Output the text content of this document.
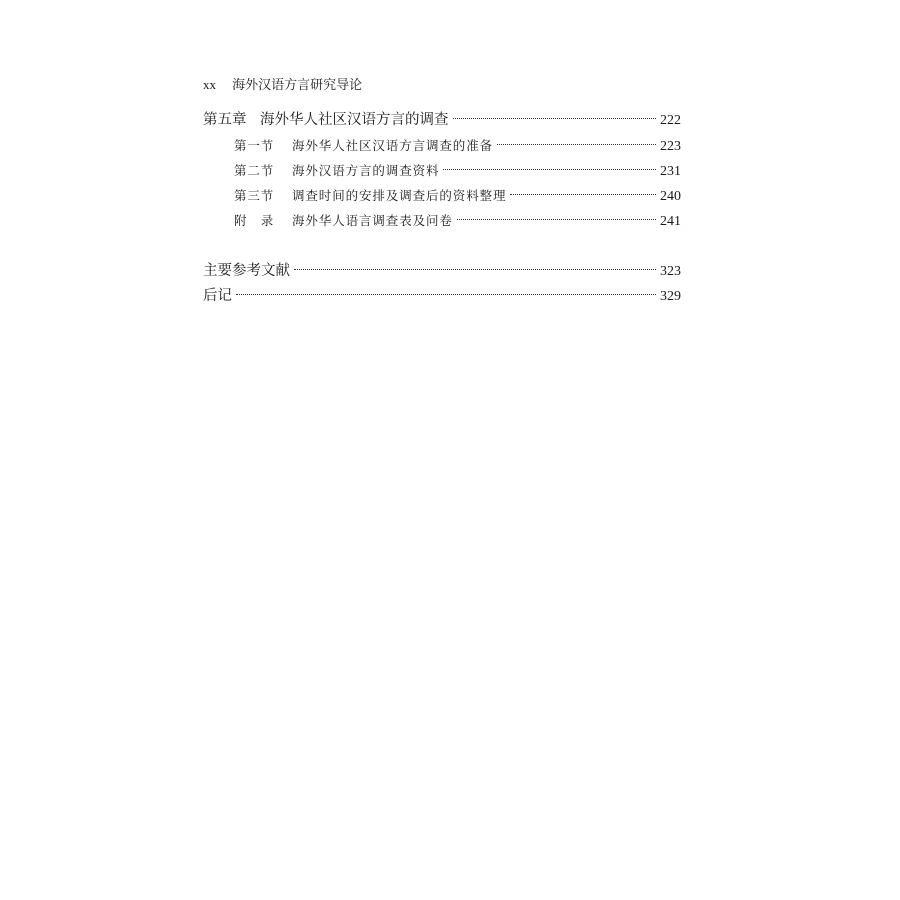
xx 海外汉语方言研究导论
第五章 海外华人社区汉语方言的调查	222
第一节	海外华人社区汉语方言调查的准备	223
第二节	海外汉语方言的调查资料	231
第三节	调查时间的安排及调查后的资料整理	240
附　录	海外华人语言调查表及问卷	241
主要参考文献	323
后记	329
